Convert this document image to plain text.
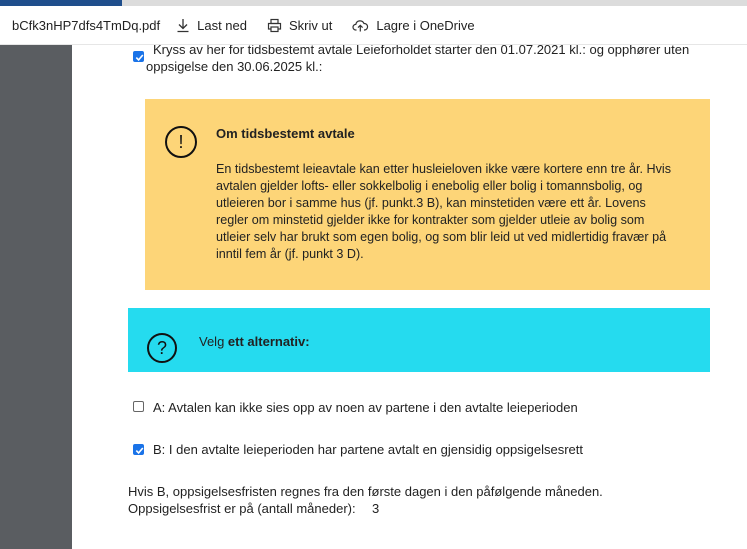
bCfk3nHP7dfs4TmDq.pdf	Last ned	Skriv ut	Lagre i OneDrive
Kryss av her for tidsbestemt avtale Leieforholdet starter den 01.07.2021 kl.: og opphører uten
oppsigelse den 30.06.2025 kl.:
!	Om tidsbestemt avtale
En tidsbestemt leieavtale kan etter husleieloven ikke være kortere enn tre år. Hvis
avtalen gjelder lofts- eller sokkelbolig i enebolig eller bolig i tomannsbolig, og
utleieren bor i samme hus (jf. punkt.3 B), kan minstetiden være ett år. Lovens
regler om minstetid gjelder ikke for kontrakter som gjelder utleie av bolig som
utleier selv har brukt som egen bolig, og som blir leid ut ved midlertidig fravær på
inntil fem år (jf. punkt 3 D).
?	Velg ett alternativ:
A: Avtalen kan ikke sies opp av noen av partene i den avtalte leieperioden
B: I den avtalte leieperioden har partene avtalt en gjensidig oppsigelsesrett
Hvis B, oppsigelsesfristen regnes fra den første dagen i den påfølgende måneden.
Oppsigelsesfrist er på (antall måneder): 3
